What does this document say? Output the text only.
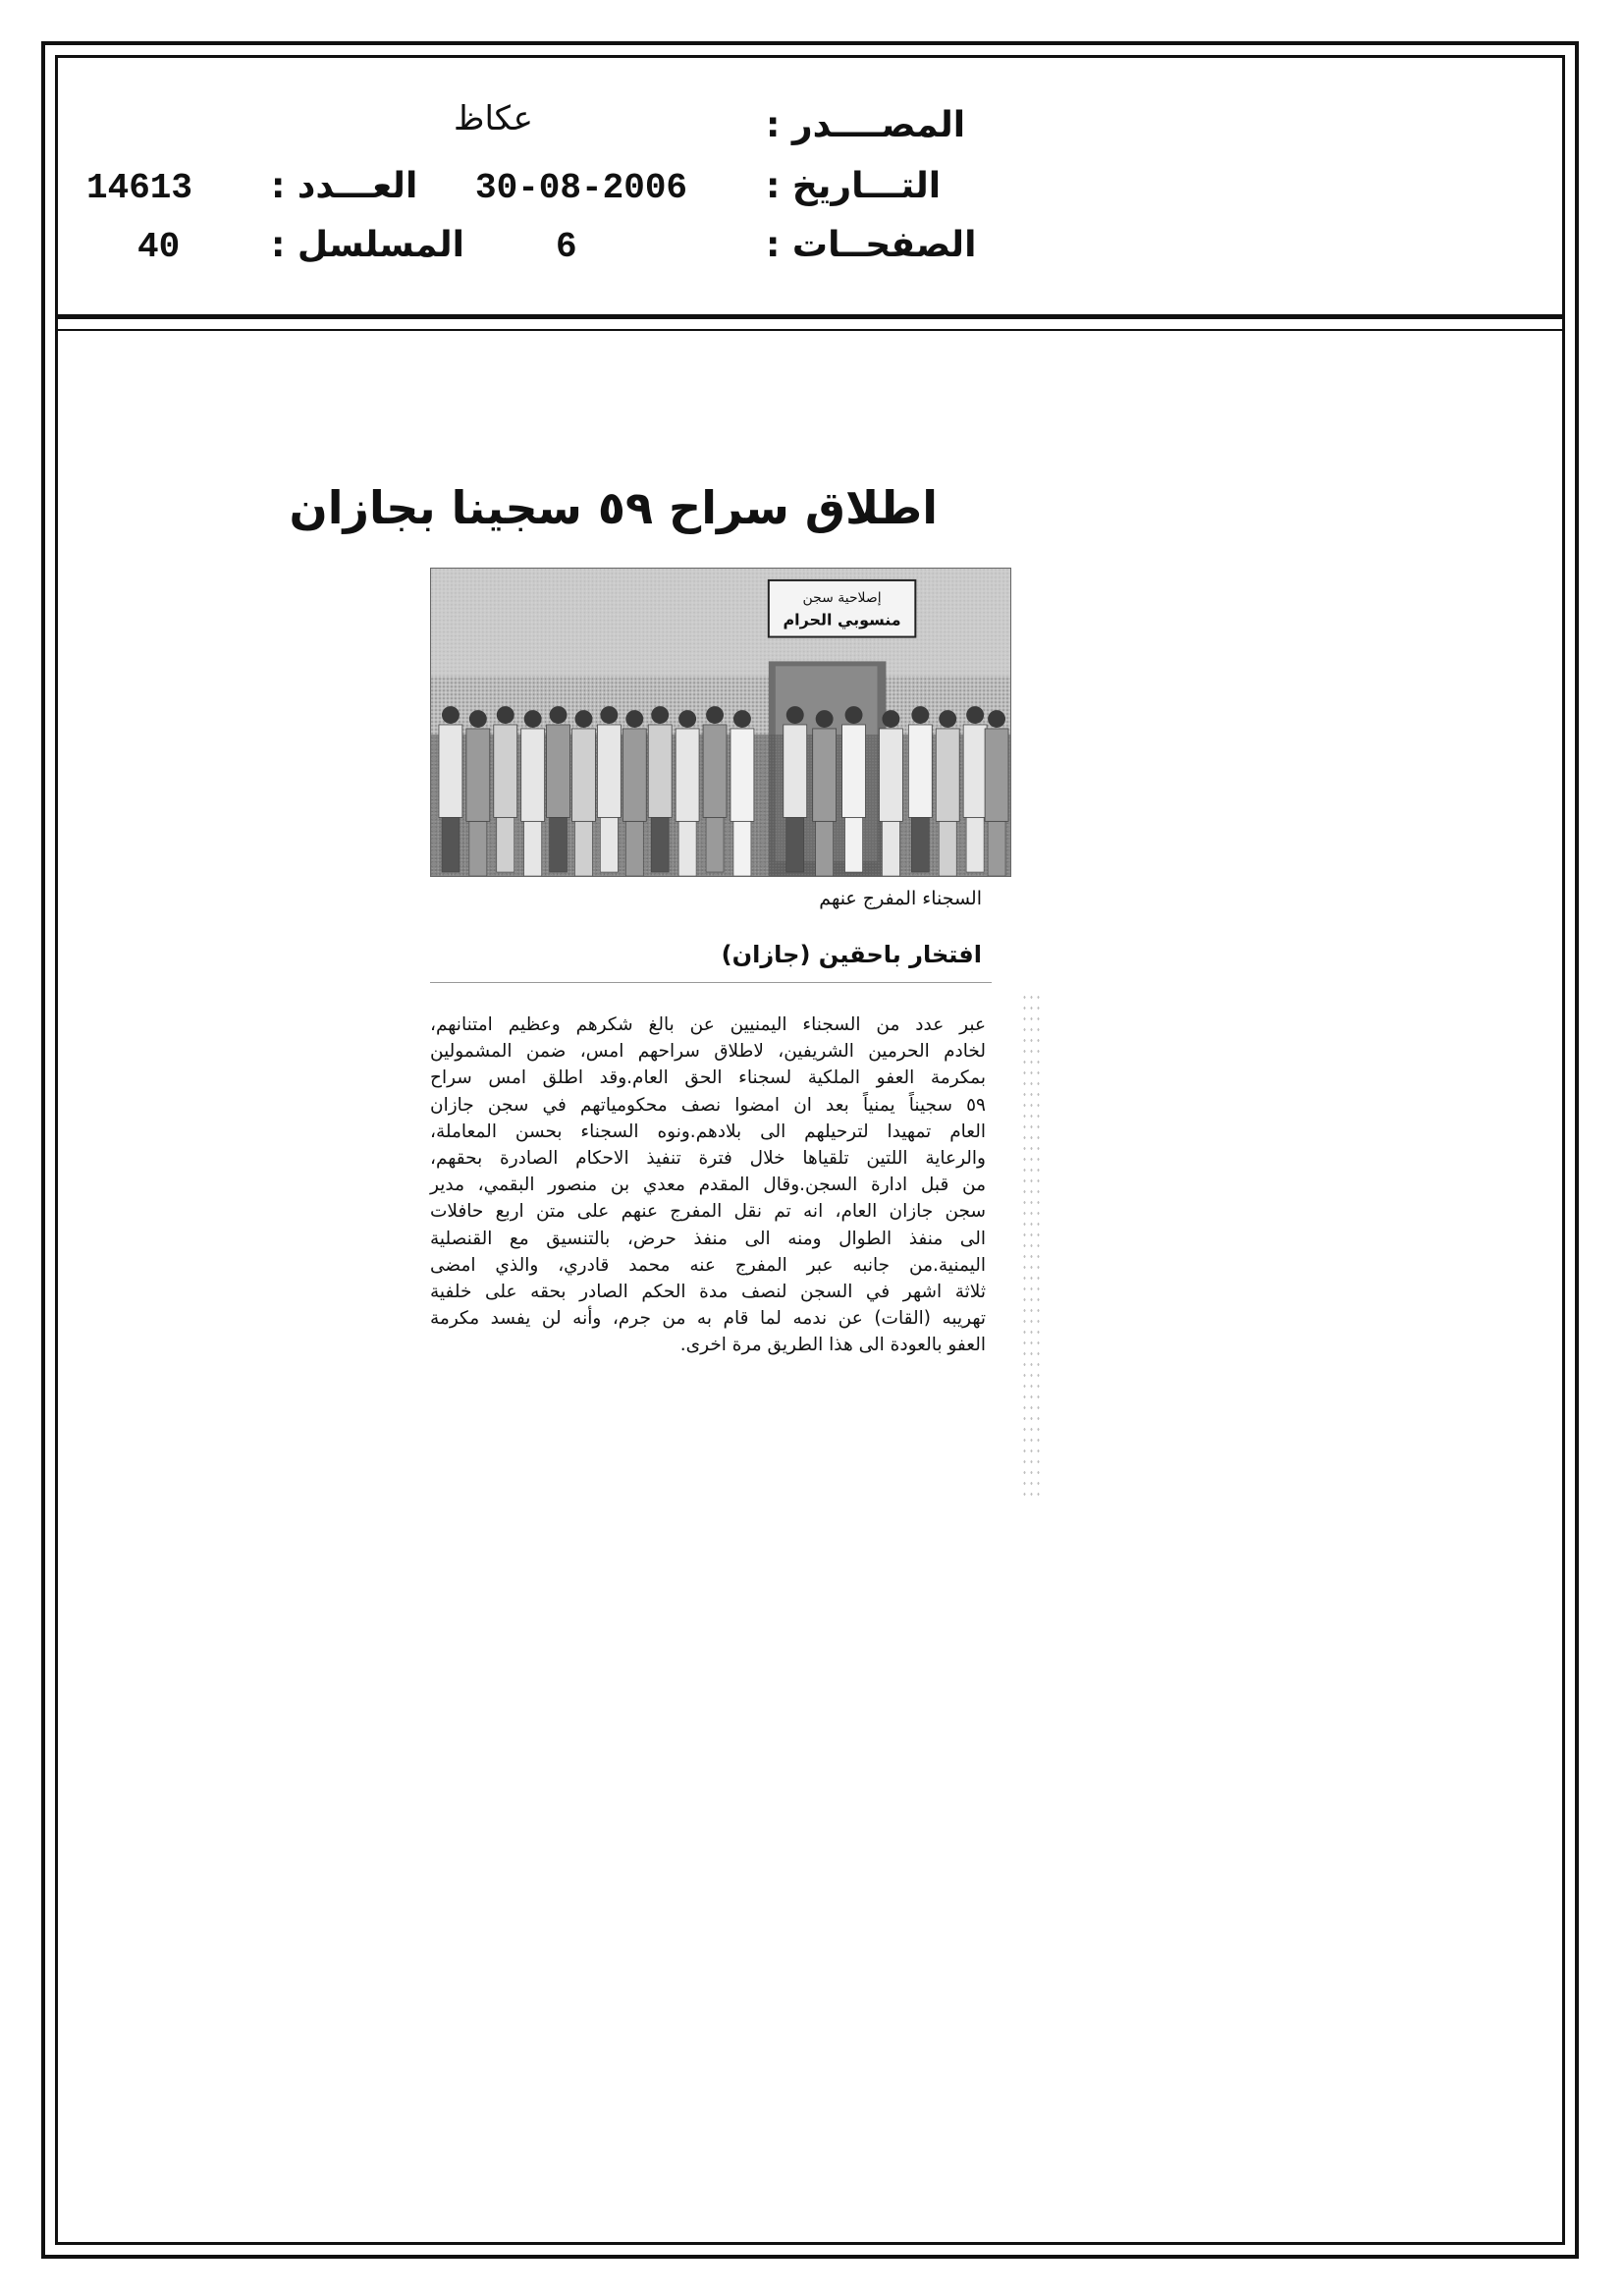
المصــــدر :
عكاظ
التـــاريخ :
30-08-2006
العـــدد :
14613
الصفحــات :
6
المسلسل :
40
اطلاق سراح ٥٩ سجينا بجازان
إصلاحية سجن
منسوبي الحرام
السجناء المفرج عنهم
افتخار باحقين (جازان)
عبر عدد من السجناء اليمنيين عن بالغ شكرهم وعظيم امتنانهم،
لخادم الحرمين الشريفين، لاطلاق سراحهم امس، ضمن المشمولين
بمكرمة العفو الملكية لسجناء الحق العام.وقد اطلق امس سراح
٥٩ سجيناً يمنياً بعد ان امضوا نصف محكومياتهم في سجن جازان
العام تمهيدا لترحيلهم الى بلادهم.ونوه السجناء بحسن المعاملة،
والرعاية اللتين تلقياها خلال فترة تنفيذ الاحكام الصادرة بحقهم،
من قبل ادارة السجن.وقال المقدم معدي بن منصور البقمي، مدير
سجن جازان العام، انه تم نقل المفرج عنهم على متن اربع حافلات
الى منفذ الطوال ومنه الى منفذ حرض، بالتنسيق مع القنصلية
اليمنية.من جانبه عبر المفرج عنه محمد قادري، والذي امضى
ثلاثة اشهر في السجن لنصف مدة الحكم الصادر بحقه على خلفية
تهريبه (القات) عن ندمه لما قام به من جرم، وأنه لن يفسد مكرمة
العفو بالعودة الى هذا الطريق مرة اخرى.
